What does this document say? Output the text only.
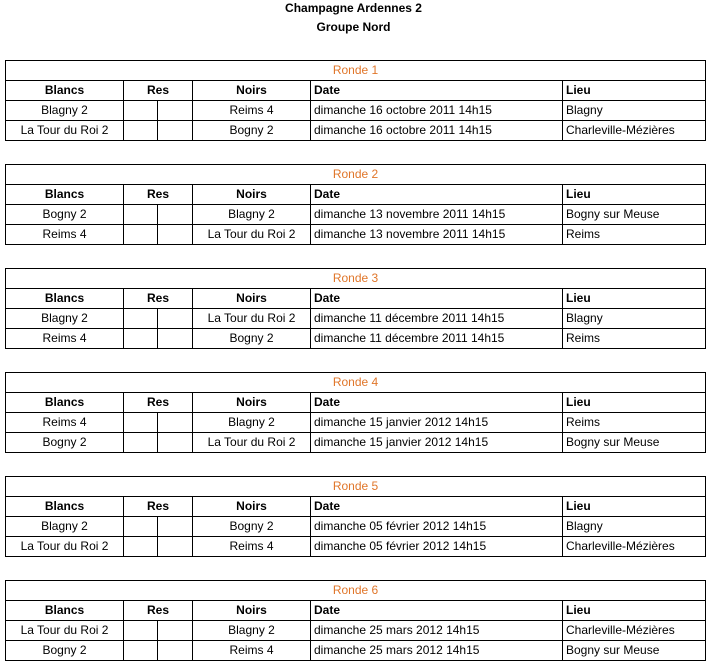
Champagne Ardennes 2
Groupe Nord
Ronde 1					
Blancs	Res		Noirs	Date	Lieu
Blagny 2			Reims 4	dimanche 16 octobre 2011 14h15	Blagny
La Tour du Roi 2			Bogny 2	dimanche 16 octobre 2011 14h15	Charleville-Mézières
Ronde 2					
Blancs	Res		Noirs	Date	Lieu
Bogny 2			Blagny 2	dimanche 13 novembre 2011 14h15	Bogny sur Meuse
Reims 4			La Tour du Roi 2	dimanche 13 novembre 2011 14h15	Reims
Ronde 3					
Blancs	Res		Noirs	Date	Lieu
Blagny 2			La Tour du Roi 2	dimanche 11 décembre 2011 14h15	Blagny
Reims 4			Bogny 2	dimanche 11 décembre 2011 14h15	Reims
Ronde 4					
Blancs	Res		Noirs	Date	Lieu
Reims 4			Blagny 2	dimanche 15 janvier 2012 14h15	Reims
Bogny 2			La Tour du Roi 2	dimanche 15 janvier 2012 14h15	Bogny sur Meuse
Ronde 5					
Blancs	Res		Noirs	Date	Lieu
Blagny 2			Bogny 2	dimanche 05 février 2012 14h15	Blagny
La Tour du Roi 2			Reims 4	dimanche 05 février 2012 14h15	Charleville-Mézières
Ronde 6					
Blancs	Res		Noirs	Date	Lieu
La Tour du Roi 2			Blagny 2	dimanche 25 mars 2012 14h15	Charleville-Mézières
Bogny 2			Reims 4	dimanche 25 mars 2012 14h15	Bogny sur Meuse
